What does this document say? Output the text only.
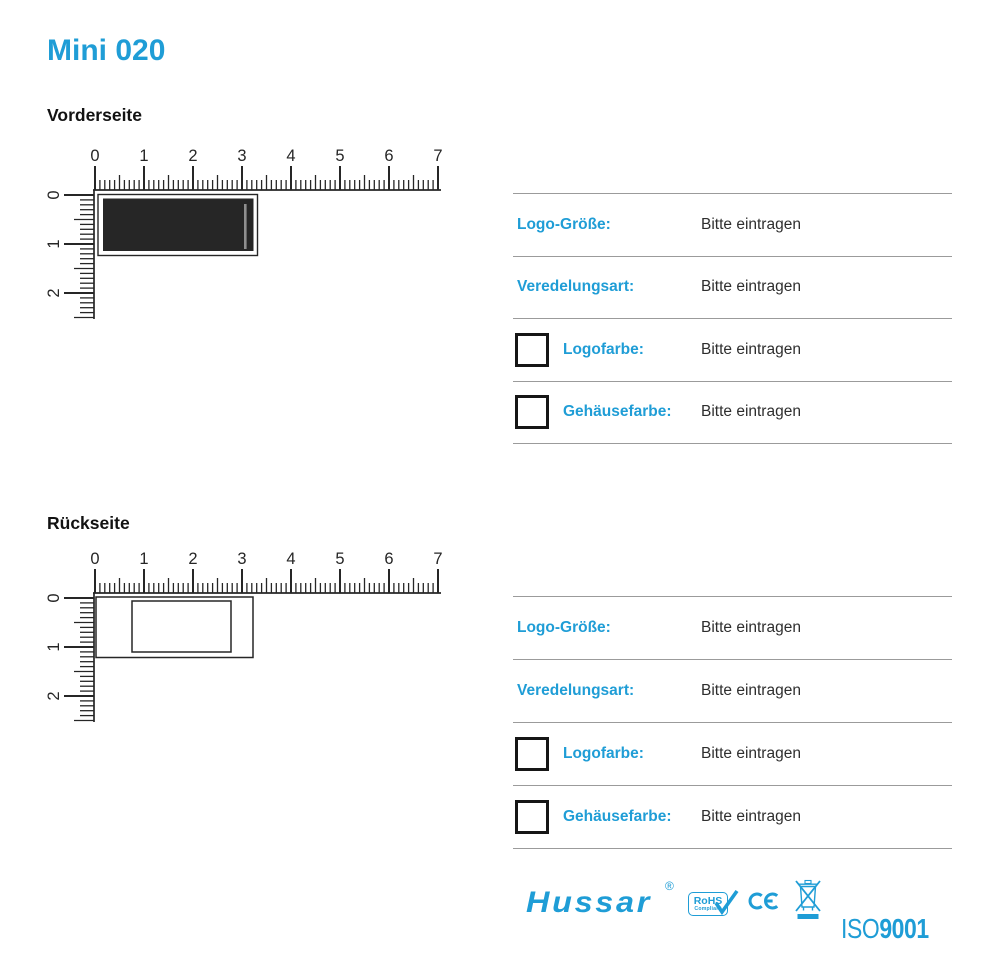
Mini 020
Vorderseite
0 1 2 3 4 5 6 7
0
1
2
Logo-Größe:	Bitte eintragen
Veredelungsart:	Bitte eintragen
Logofarbe:	Bitte eintragen
Gehäusefarbe: Bitte eintragen
Rückseite
0 1 2 3 4 5 6 7
0
1
2
Logo-Größe:	Bitte eintragen
Veredelungsart:	Bitte eintragen
Logofarbe:	Bitte eintragen
Gehäusefarbe: Bitte eintragen

Hussar ®
RoHS
Compliant

ISO9001
